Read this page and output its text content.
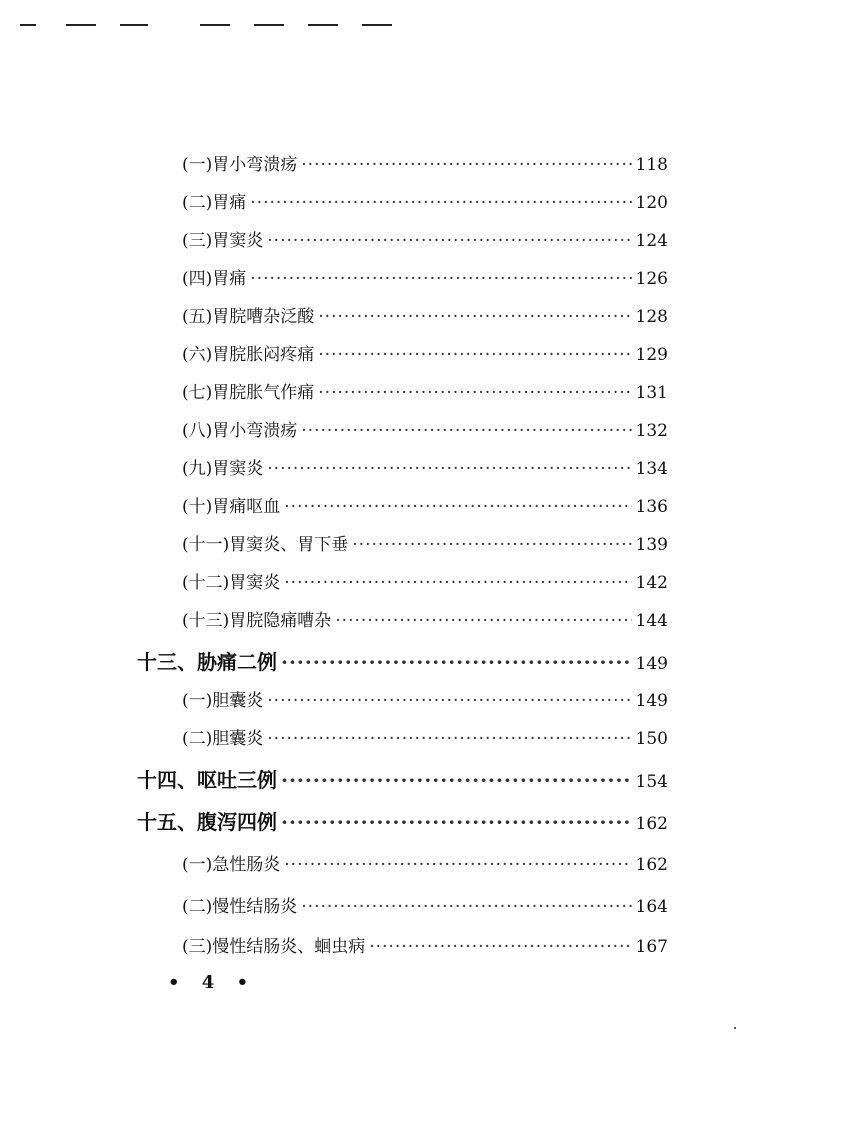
(一)胃小弯溃疡 ·····	118
(二)胃痛 ·····	120
(三)胃窦炎 ·····	124
(四)胃痛 ·····	126
(五)胃脘嘈杂泛酸 ·····	128
(六)胃脘胀闷疼痛 ·····	129
(七)胃脘胀气作痛 ·····	131
(八)胃小弯溃疡 ·····	132
(九)胃窦炎 ·····	134
(十)胃痛呕血 ·····	136
(十一)胃窦炎、胃下垂 ·····	139
(十二)胃窦炎 ·····	142
(十三)胃脘隐痛嘈杂 ·····	144
十三、胁痛二例 ·····	149
(一)胆囊炎 ·····	149
(二)胆囊炎 ·····	150
十四、呕吐三例 ·····	154
十五、腹泻四例 ·····	162
(一)急性肠炎 ·····	162
(二)慢性结肠炎 ·····	164
(三)慢性结肠炎、蛔虫病 ·····	167
• 4 •
